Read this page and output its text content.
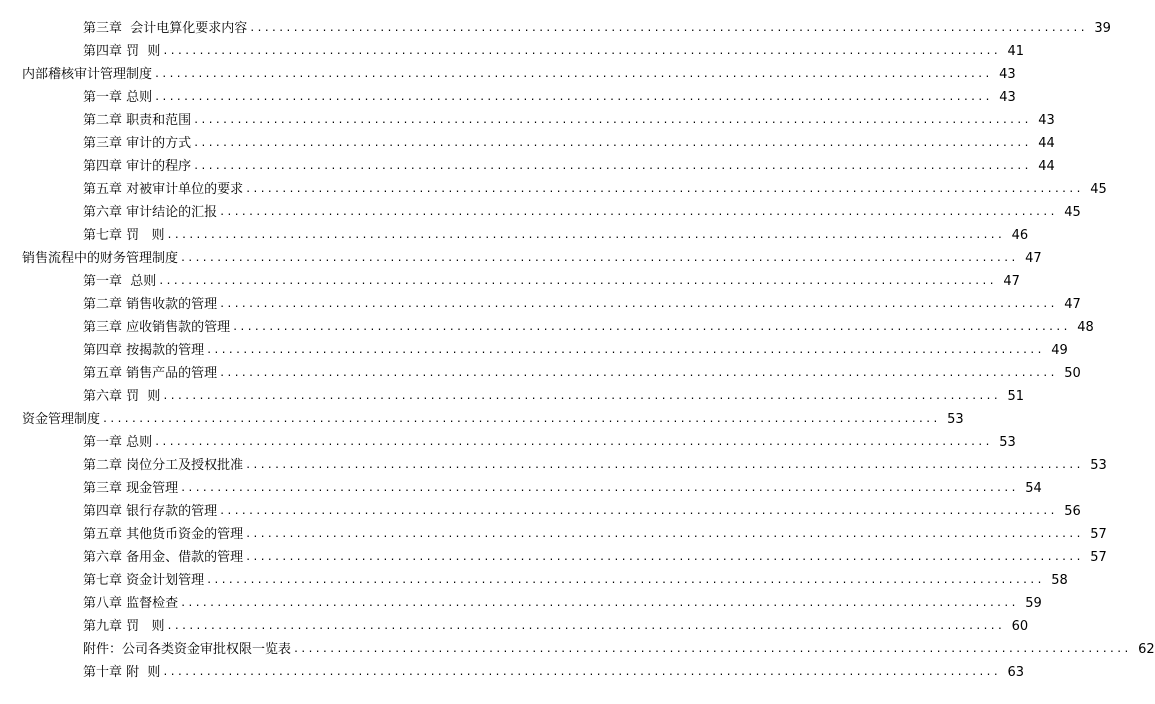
第三章  会计电算化要求内容 .................................................................................................................... 39
第四章 罚  则 .................................................................................................................... 41
内部稽核审计管理制度 .................................................................................................................... 43
第一章 总则 .................................................................................................................... 43
第二章 职责和范围 .................................................................................................................... 43
第三章 审计的方式 .................................................................................................................... 44
第四章 审计的程序 .................................................................................................................... 44
第五章 对被审计单位的要求 .................................................................................................................... 45
第六章 审计结论的汇报 .................................................................................................................... 45
第七章 罚   则 .................................................................................................................... 46
销售流程中的财务管理制度 .................................................................................................................... 47
第一章  总则 .................................................................................................................... 47
第二章 销售收款的管理 .................................................................................................................... 47
第三章 应收销售款的管理 .................................................................................................................... 48
第四章 按揭款的管理 .................................................................................................................... 49
第五章 销售产品的管理 .................................................................................................................... 50
第六章 罚  则 .................................................................................................................... 51
资金管理制度 .................................................................................................................... 53
第一章 总则 .................................................................................................................... 53
第二章 岗位分工及授权批准 .................................................................................................................... 53
第三章 现金管理 .................................................................................................................... 54
第四章 银行存款的管理 .................................................................................................................... 56
第五章 其他货币资金的管理 .................................................................................................................... 57
第六章 备用金、借款的管理 .................................................................................................................... 57
第七章 资金计划管理 .................................................................................................................... 58
第八章 监督检查 .................................................................................................................... 59
第九章 罚   则 .................................................................................................................... 60
附件：公司各类资金审批权限一览表 .................................................................................................................... 62
第十章 附  则 .................................................................................................................... 63
